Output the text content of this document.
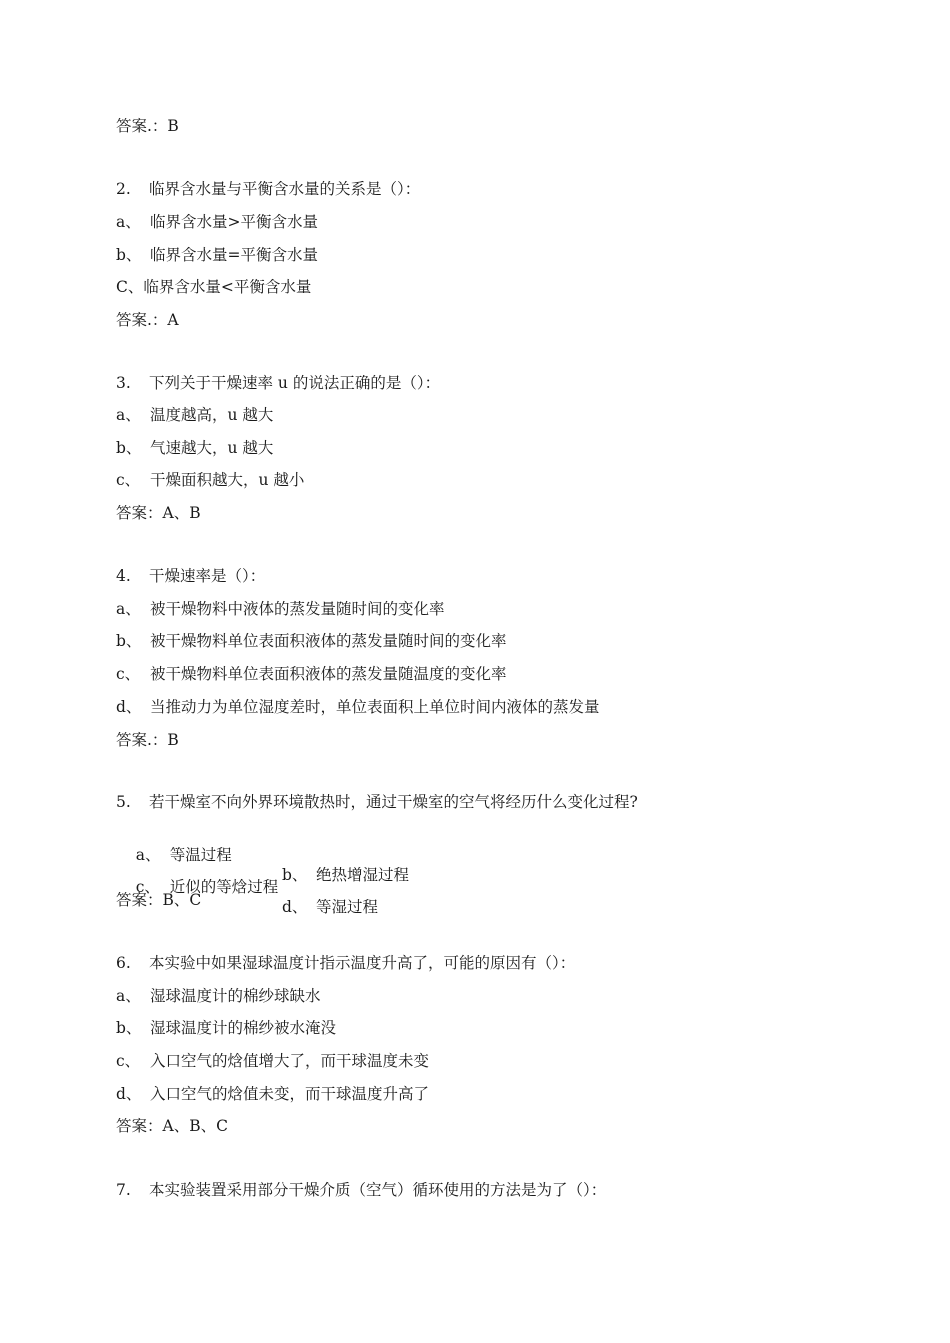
答案.：B
2. 临界含水量与平衡含水量的关系是（）：
a、 临界含水量>平衡含水量
b、 临界含水量=平衡含水量
C、临界含水量<平衡含水量
答案.：A
3. 下列关于干燥速率 u 的说法正确的是（）：
a、 温度越高，u 越大
b、 气速越大，u 越大
c、 干燥面积越大，u 越小
答案：A、B
4. 干燥速率是（）：
a、 被干燥物料中液体的蒸发量随时间的变化率
b、 被干燥物料单位表面积液体的蒸发量随时间的变化率
c、 被干燥物料单位表面积液体的蒸发量随温度的变化率
d、 当推动力为单位湿度差时，单位表面积上单位时间内液体的蒸发量
答案.：B
5. 若干燥室不向外界环境散热时，通过干燥室的空气将经历什么变化过程?

a、 等温过程

b、 绝热增湿过程

c、 近似的等焓过程

d、 等湿过程

答案：B、C
6. 本实验中如果湿球温度计指示温度升高了，可能的原因有（）：
a、 湿球温度计的棉纱球缺水
b、 湿球温度计的棉纱被水淹没
c、 入口空气的焓值增大了，而干球温度未变
d、 入口空气的焓值未变，而干球温度升高了
答案：A、B、C
7. 本实验装置采用部分干燥介质（空气）循环使用的方法是为了（）：
